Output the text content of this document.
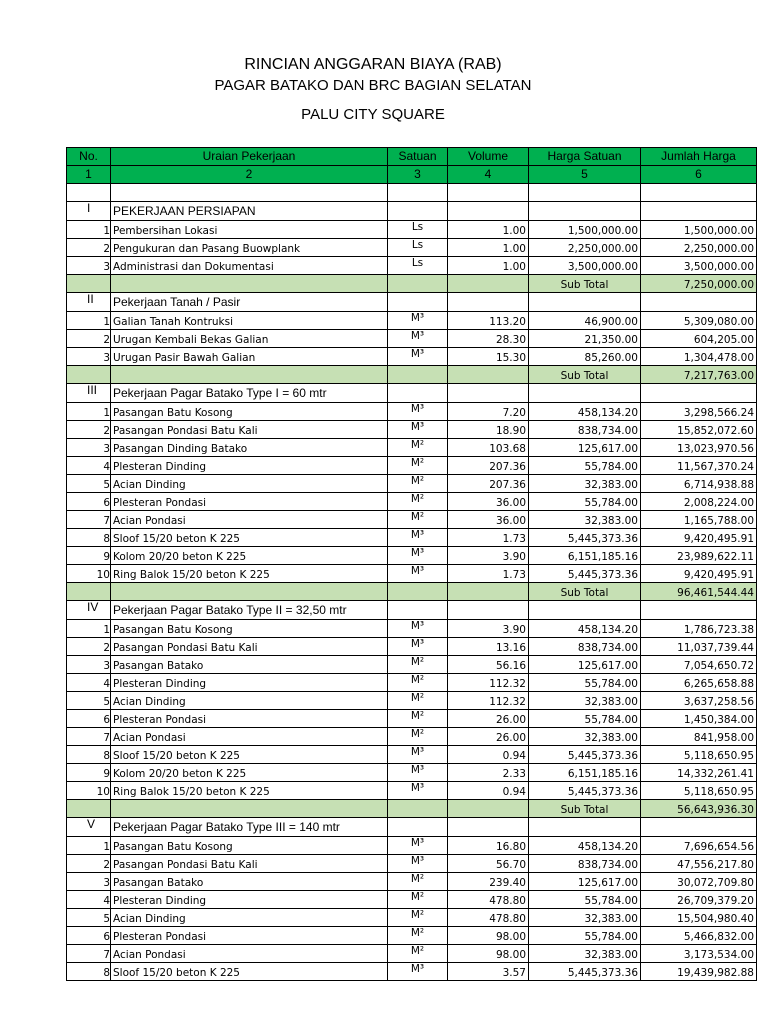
RINCIAN ANGGARAN BIAYA (RAB)
PAGAR BATAKO DAN BRC BAGIAN SELATAN
PALU CITY SQUARE
No.	Uraian Pekerjaan	Satuan	Volume	Harga Satuan	Jumlah Harga
1	2	3	4	5	6

I	PEKERJAAN PERSIAPAN				
1	Pembersihan Lokasi	Ls	1.00	1,500,000.00	1,500,000.00
2	Pengukuran dan Pasang Buowplank	Ls	1.00	2,250,000.00	2,250,000.00
3	Administrasi dan Dokumentasi	Ls	1.00	3,500,000.00	3,500,000.00
				Sub Total	7,250,000.00
II	Pekerjaan Tanah / Pasir				
1	Galian Tanah Kontruksi	M³	113.20	46,900.00	5,309,080.00
2	Urugan Kembali Bekas Galian	M³	28.30	21,350.00	604,205.00
3	Urugan Pasir Bawah Galian	M³	15.30	85,260.00	1,304,478.00
				Sub Total	7,217,763.00
III	Pekerjaan Pagar Batako Type I = 60 mtr				
1	Pasangan Batu Kosong	M³	7.20	458,134.20	3,298,566.24
2	Pasangan Pondasi Batu Kali	M³	18.90	838,734.00	15,852,072.60
3	Pasangan Dinding Batako	M²	103.68	125,617.00	13,023,970.56
4	Plesteran Dinding	M²	207.36	55,784.00	11,567,370.24
5	Acian Dinding	M²	207.36	32,383.00	6,714,938.88
6	Plesteran Pondasi	M²	36.00	55,784.00	2,008,224.00
7	Acian Pondasi	M²	36.00	32,383.00	1,165,788.00
8	Sloof 15/20 beton K 225	M³	1.73	5,445,373.36	9,420,495.91
9	Kolom 20/20 beton K 225	M³	3.90	6,151,185.16	23,989,622.11
10	Ring Balok 15/20 beton K 225	M³	1.73	5,445,373.36	9,420,495.91
				Sub Total	96,461,544.44
IV	Pekerjaan Pagar Batako Type II = 32,50 mtr				
1	Pasangan Batu Kosong	M³	3.90	458,134.20	1,786,723.38
2	Pasangan Pondasi Batu Kali	M³	13.16	838,734.00	11,037,739.44
3	Pasangan Batako	M²	56.16	125,617.00	7,054,650.72
4	Plesteran Dinding	M²	112.32	55,784.00	6,265,658.88
5	Acian Dinding	M²	112.32	32,383.00	3,637,258.56
6	Plesteran Pondasi	M²	26.00	55,784.00	1,450,384.00
7	Acian Pondasi	M²	26.00	32,383.00	841,958.00
8	Sloof 15/20 beton K 225	M³	0.94	5,445,373.36	5,118,650.95
9	Kolom 20/20 beton K 225	M³	2.33	6,151,185.16	14,332,261.41
10	Ring Balok 15/20 beton K 225	M³	0.94	5,445,373.36	5,118,650.95
				Sub Total	56,643,936.30
V	Pekerjaan Pagar Batako Type III = 140 mtr				
1	Pasangan Batu Kosong	M³	16.80	458,134.20	7,696,654.56
2	Pasangan Pondasi Batu Kali	M³	56.70	838,734.00	47,556,217.80
3	Pasangan Batako	M²	239.40	125,617.00	30,072,709.80
4	Plesteran Dinding	M²	478.80	55,784.00	26,709,379.20
5	Acian Dinding	M²	478.80	32,383.00	15,504,980.40
6	Plesteran Pondasi	M²	98.00	55,784.00	5,466,832.00
7	Acian Pondasi	M²	98.00	32,383.00	3,173,534.00
8	Sloof 15/20 beton K 225	M³	3.57	5,445,373.36	19,439,982.88
